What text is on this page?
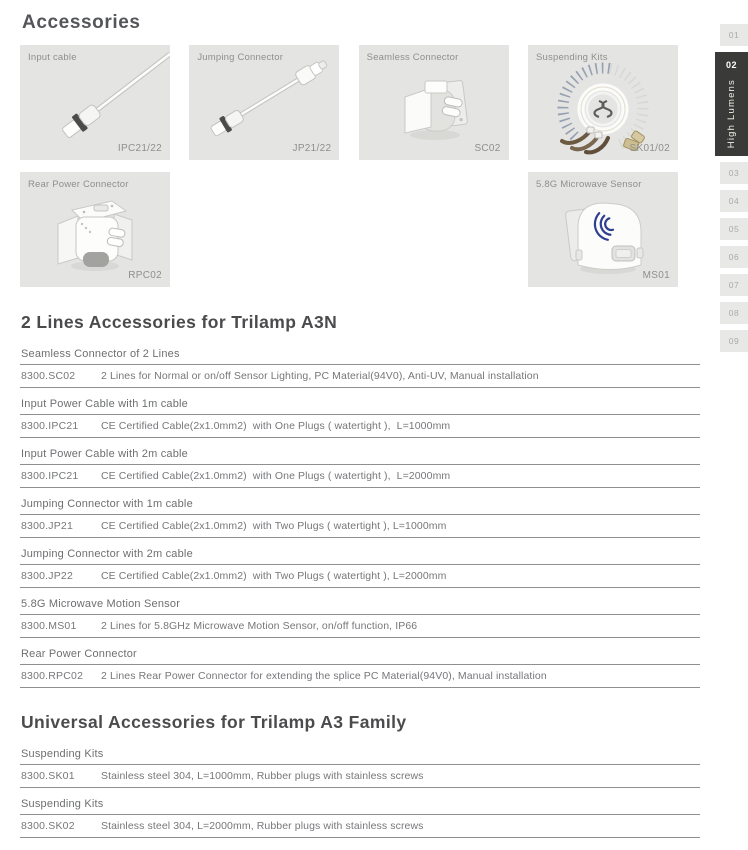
Accessories
Input cable
IPC21/22
Jumping Connector
JP21/22
Seamless Connector
SC02
Suspending Kits
SK01/02
Rear Power Connector
RPC02
5.8G Microwave Sensor
MS01
01
02
High Lumens
03
04
05
06
07
08
09
2 Lines Accessories for Trilamp A3N
Seamless Connector of 2 Lines
8300.SC02	2 Lines for Normal or on/off Sensor Lighting, PC Material(94V0), Anti-UV, Manual installation
Input Power Cable with 1m cable
8300.IPC21	CE Certified Cable(2x1.0mm2)  with One Plugs ( watertight ),  L=1000mm
Input Power Cable with 2m cable
8300.IPC21	CE Certified Cable(2x1.0mm2)  with One Plugs ( watertight ),  L=2000mm
Jumping Connector with 1m cable
8300.JP21	CE Certified Cable(2x1.0mm2)  with Two Plugs ( watertight ), L=1000mm
Jumping Connector with 2m cable
8300.JP22	CE Certified Cable(2x1.0mm2)  with Two Plugs ( watertight ), L=2000mm
5.8G Microwave Motion Sensor
8300.MS01	2 Lines for 5.8GHz Microwave Motion Sensor, on/off function, IP66
Rear Power Connector
8300.RPC02	2 Lines Rear Power Connector for extending the splice PC Material(94V0), Manual installation
Universal Accessories for Trilamp A3 Family
Suspending Kits
8300.SK01	Stainless steel 304, L=1000mm, Rubber plugs with stainless screws
Suspending Kits
8300.SK02	Stainless steel 304, L=2000mm, Rubber plugs with stainless screws
